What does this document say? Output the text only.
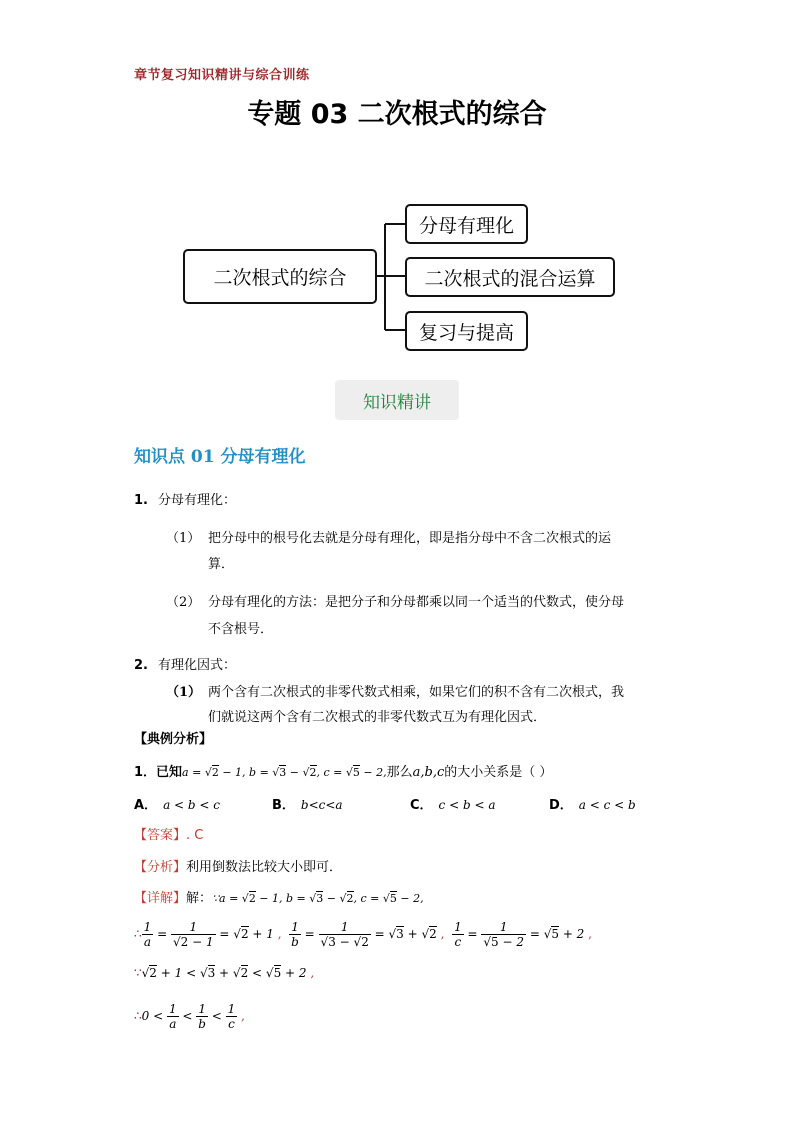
章节复习知识精讲与综合训练
专题 03 二次根式的综合
二次根式的综合
分母有理化
二次根式的混合运算
复习与提高
知识精讲
知识点 01 分母有理化
1. 分母有理化：
（1） 把分母中的根号化去就是分母有理化，即是指分母中不含二次根式的运
算．
（2） 分母有理化的方法：是把分子和分母都乘以同一个适当的代数式，使分母
不含根号．
2. 有理化因式：
（1） 两个含有二次根式的非零代数式相乘，如果它们的积不含有二次根式，我
们就说这两个含有二次根式的非零代数式互为有理化因式．
【典例分析】
1．已知a = √2 − 1, b = √3 − √2, c = √5 − 2,那么a,b,c的大小关系是（ ）
A． a < b < c	B． b<c<a	C． c < b < a	D． a < c < b
【答案】. C
【分析】利用倒数法比较大小即可．
【详解】解：∵a = √2 − 1, b = √3 − √2, c = √5 − 2,
∴ $\frac{1}{a} = \frac{1}{√2 - 1} = √2 + 1$ , $\frac{1}{b} = \frac{1}{√3 - √2} = √3 + √2$ , $\frac{1}{c} = \frac{1}{√5 - 2} = √5 + 2$ ,
∵√2 + 1 < √3 + √2 < √5 + 2 ,
∴ $0 < \frac{1}{a} < \frac{1}{b} < \frac{1}{c}$ ,
